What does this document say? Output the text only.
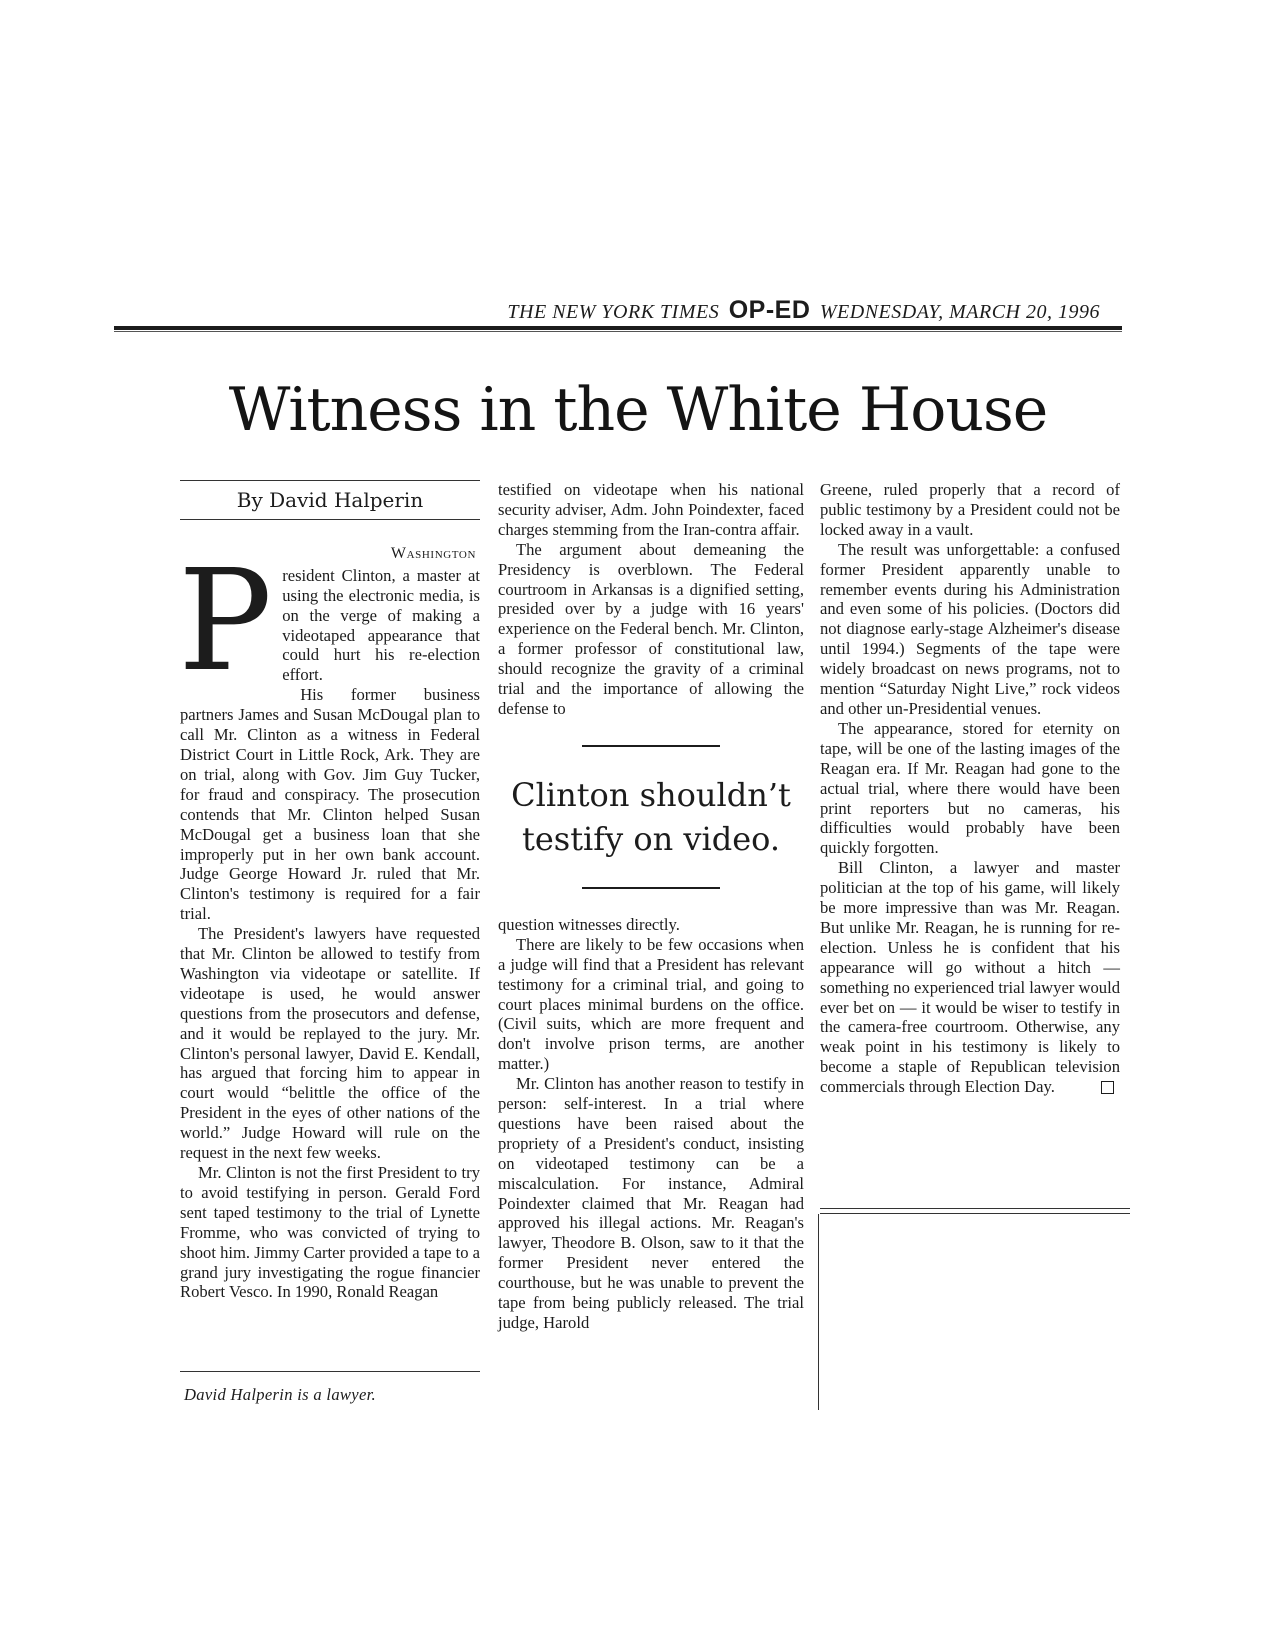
THE NEW YORK TIMES OP-ED WEDNESDAY, MARCH 20, 1996
Witness in the White House
By David Halperin
Washington

President Clinton, a master at using the electronic media, is on the verge of making a videotaped appearance that could hurt his re-election effort.

His former business partners James and Susan McDougal plan to call Mr. Clinton as a witness in Federal District Court in Little Rock, Ark. They are on trial, along with Gov. Jim Guy Tucker, for fraud and conspiracy. The prosecution contends that Mr. Clinton helped Susan McDougal get a business loan that she improperly put in her own bank account. Judge George Howard Jr. ruled that Mr. Clinton's testimony is required for a fair trial.

The President's lawyers have requested that Mr. Clinton be allowed to testify from Washington via videotape or satellite. If videotape is used, he would answer questions from the prosecutors and defense, and it would be replayed to the jury. Mr. Clinton's personal lawyer, David E. Kendall, has argued that forcing him to appear in court would “belittle the office of the President in the eyes of other nations of the world.” Judge Howard will rule on the request in the next few weeks.

Mr. Clinton is not the first President to try to avoid testifying in person. Gerald Ford sent taped testimony to the trial of Lynette Fromme, who was convicted of trying to shoot him. Jimmy Carter provided a tape to a grand jury investigating the rogue financier Robert Vesco. In 1990, Ronald Reagan

David Halperin is a lawyer.

testified on videotape when his national security adviser, Adm. John Poindexter, faced charges stemming from the Iran-contra affair.

The argument about demeaning the Presidency is overblown. The Federal courtroom in Arkansas is a dignified setting, presided over by a judge with 16 years' experience on the Federal bench. Mr. Clinton, a former professor of constitutional law, should recognize the gravity of a criminal trial and the importance of allowing the defense to

Clinton shouldn’t testify on video.

question witnesses directly.

There are likely to be few occasions when a judge will find that a President has relevant testimony for a criminal trial, and going to court places minimal burdens on the office. (Civil suits, which are more frequent and don't involve prison terms, are another matter.)

Mr. Clinton has another reason to testify in person: self-interest. In a trial where questions have been raised about the propriety of a President's conduct, insisting on videotaped testimony can be a miscalculation. For instance, Admiral Poindexter claimed that Mr. Reagan had approved his illegal actions. Mr. Reagan's lawyer, Theodore B. Olson, saw to it that the former President never entered the courthouse, but he was unable to prevent the tape from being publicly released. The trial judge, Harold

Greene, ruled properly that a record of public testimony by a President could not be locked away in a vault.

The result was unforgettable: a confused former President apparently unable to remember events during his Administration and even some of his policies. (Doctors did not diagnose early-stage Alzheimer's disease until 1994.) Segments of the tape were widely broadcast on news programs, not to mention “Saturday Night Live,” rock videos and other un-Presidential venues.

The appearance, stored for eternity on tape, will be one of the lasting images of the Reagan era. If Mr. Reagan had gone to the actual trial, where there would have been print reporters but no cameras, his difficulties would probably have been quickly forgotten.

Bill Clinton, a lawyer and master politician at the top of his game, will likely be more impressive than was Mr. Reagan. But unlike Mr. Reagan, he is running for re-election. Unless he is confident that his appearance will go without a hitch — something no experienced trial lawyer would ever bet on — it would be wiser to testify in the camera-free courtroom. Otherwise, any weak point in his testimony is likely to become a staple of Republican television commercials through Election Day.
